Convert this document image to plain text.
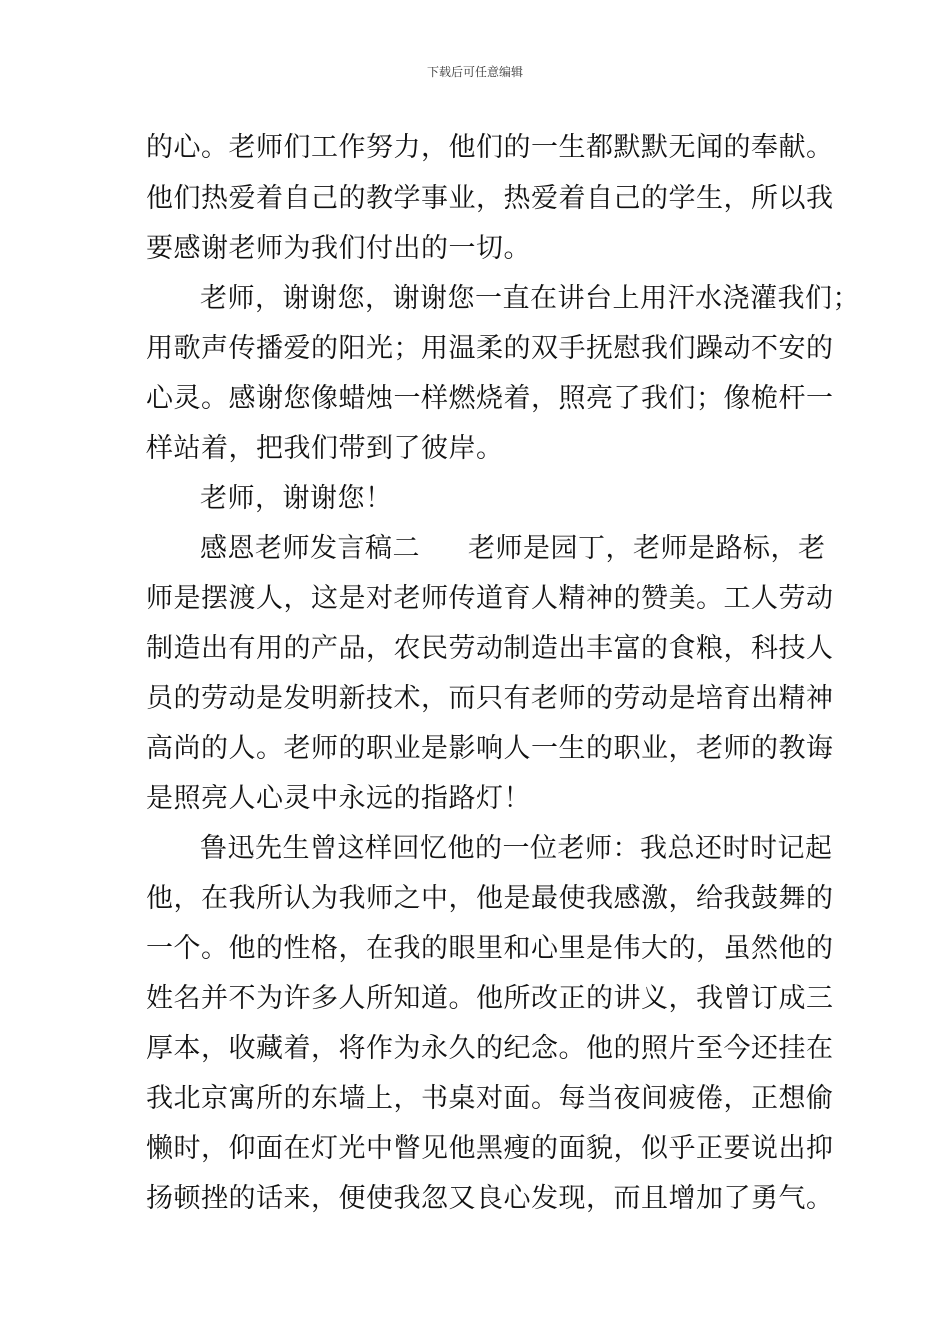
下载后可任意编辑
的心。老师们工作努力，他们的一生都默默无闻的奉献。
他们热爱着自己的教学事业，热爱着自己的学生，所以我
要感谢老师为我们付出的一切。
老师，谢谢您，谢谢您一直在讲台上用汗水浇灌我们；
用歌声传播爱的阳光；用温柔的双手抚慰我们躁动不安的
心灵。感谢您像蜡烛一样燃烧着，照亮了我们；像桅杆一
样站着，把我们带到了彼岸。
老师，谢谢您！
感恩老师发言稿二 老师是园丁，老师是路标，老
师是摆渡人，这是对老师传道育人精神的赞美。工人劳动
制造出有用的产品，农民劳动制造出丰富的食粮，科技人
员的劳动是发明新技术，而只有老师的劳动是培育出精神
高尚的人。老师的职业是影响人一生的职业，老师的教诲
是照亮人心灵中永远的指路灯！
鲁迅先生曾这样回忆他的一位老师：我总还时时记起
他，在我所认为我师之中，他是最使我感激，给我鼓舞的
一个。他的性格，在我的眼里和心里是伟大的，虽然他的
姓名并不为许多人所知道。他所改正的讲义，我曾订成三
厚本，收藏着，将作为永久的纪念。他的照片至今还挂在
我北京寓所的东墙上，书桌对面。每当夜间疲倦，正想偷
懒时，仰面在灯光中瞥见他黑瘦的面貌，似乎正要说出抑
扬顿挫的话来，便使我忽又良心发现，而且增加了勇气。
